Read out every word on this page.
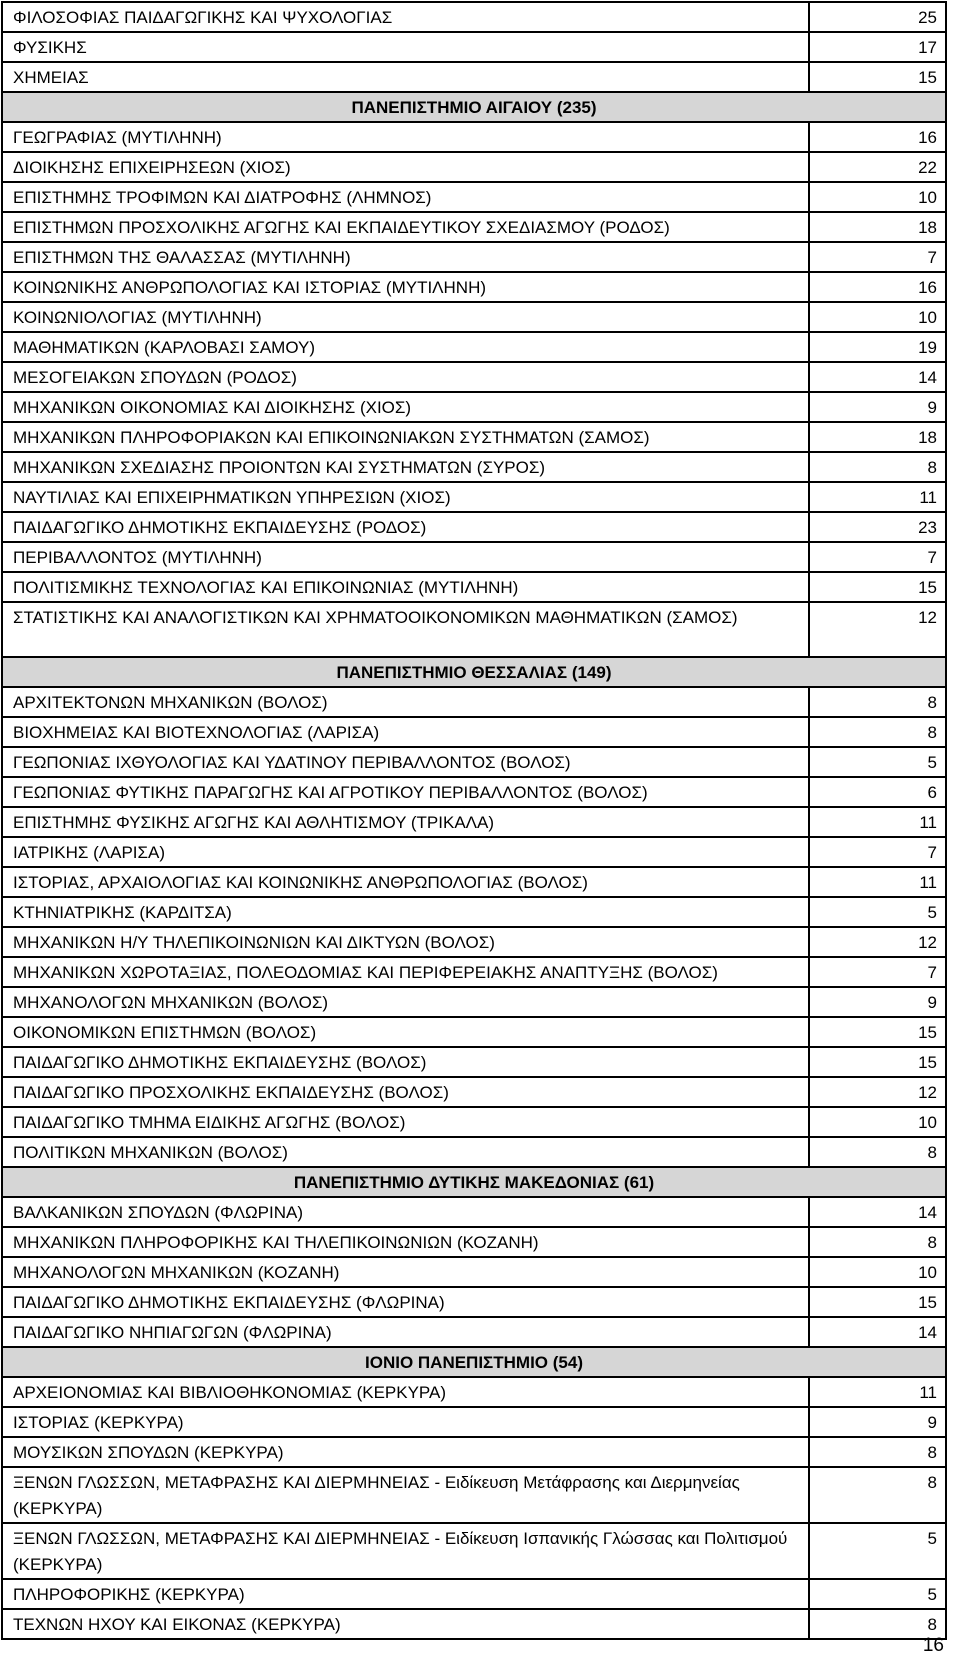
ΦΙΛΟΣΟΦΙΑΣ ΠΑΙΔΑΓΩΓΙΚΗΣ ΚΑΙ ΨΥΧΟΛΟΓΙΑΣ	25
ΦΥΣΙΚΗΣ	17
ΧΗΜΕΙΑΣ	15
ΠΑΝΕΠΙΣΤΗΜΙΟ ΑΙΓΑΙΟΥ (235)	
ΓΕΩΓΡΑΦΙΑΣ (ΜΥΤΙΛΗΝΗ)	16
ΔΙΟΙΚΗΣΗΣ ΕΠΙΧΕΙΡΗΣΕΩΝ (ΧΙΟΣ)	22
ΕΠΙΣΤΗΜΗΣ ΤΡΟΦΙΜΩΝ ΚΑΙ ΔΙΑΤΡΟΦΗΣ (ΛΗΜΝΟΣ)	10
ΕΠΙΣΤΗΜΩΝ ΠΡΟΣΧΟΛΙΚΗΣ ΑΓΩΓΗΣ ΚΑΙ ΕΚΠΑΙΔΕΥΤΙΚΟΥ ΣΧΕΔΙΑΣΜΟΥ (ΡΟΔΟΣ)	18
ΕΠΙΣΤΗΜΩΝ ΤΗΣ ΘΑΛΑΣΣΑΣ (ΜΥΤΙΛΗΝΗ)	7
ΚΟΙΝΩΝΙΚΗΣ ΑΝΘΡΩΠΟΛΟΓΙΑΣ ΚΑΙ ΙΣΤΟΡΙΑΣ (ΜΥΤΙΛΗΝΗ)	16
ΚΟΙΝΩΝΙΟΛΟΓΙΑΣ (ΜΥΤΙΛΗΝΗ)	10
ΜΑΘΗΜΑΤΙΚΩΝ (ΚΑΡΛΟΒΑΣΙ ΣΑΜΟΥ)	19
ΜΕΣΟΓΕΙΑΚΩΝ ΣΠΟΥΔΩΝ (ΡΟΔΟΣ)	14
ΜΗΧΑΝΙΚΩΝ ΟΙΚΟΝΟΜΙΑΣ ΚΑΙ ΔΙΟΙΚΗΣΗΣ (ΧΙΟΣ)	9
ΜΗΧΑΝΙΚΩΝ ΠΛΗΡΟΦΟΡΙΑΚΩΝ ΚΑΙ ΕΠΙΚΟΙΝΩΝΙΑΚΩΝ ΣΥΣΤΗΜΑΤΩΝ (ΣΑΜΟΣ)	18
ΜΗΧΑΝΙΚΩΝ ΣΧΕΔΙΑΣΗΣ ΠΡΟΙΟΝΤΩΝ ΚΑΙ ΣΥΣΤΗΜΑΤΩΝ (ΣΥΡΟΣ)	8
ΝΑΥΤΙΛΙΑΣ ΚΑΙ ΕΠΙΧΕΙΡΗΜΑΤΙΚΩΝ ΥΠΗΡΕΣΙΩΝ (ΧΙΟΣ)	11
ΠΑΙΔΑΓΩΓΙΚΟ ΔΗΜΟΤΙΚΗΣ ΕΚΠΑΙΔΕΥΣΗΣ (ΡΟΔΟΣ)	23
ΠΕΡΙΒΑΛΛΟΝΤΟΣ (ΜΥΤΙΛΗΝΗ)	7
ΠΟΛΙΤΙΣΜΙΚΗΣ ΤΕΧΝΟΛΟΓΙΑΣ ΚΑΙ ΕΠΙΚΟΙΝΩΝΙΑΣ (ΜΥΤΙΛΗΝΗ)	15
ΣΤΑΤΙΣΤΙΚΗΣ ΚΑΙ ΑΝΑΛΟΓΙΣΤΙΚΩΝ ΚΑΙ ΧΡΗΜΑΤΟΟΙΚΟΝΟΜΙΚΩΝ ΜΑΘΗΜΑΤΙΚΩΝ (ΣΑΜΟΣ)	12
ΠΑΝΕΠΙΣΤΗΜΙΟ ΘΕΣΣΑΛΙΑΣ (149)	
ΑΡΧΙΤΕΚΤΟΝΩΝ ΜΗΧΑΝΙΚΩΝ (ΒΟΛΟΣ)	8
ΒΙΟΧΗΜΕΙΑΣ ΚΑΙ ΒΙΟΤΕΧΝΟΛΟΓΙΑΣ (ΛΑΡΙΣΑ)	8
ΓΕΩΠΟΝΙΑΣ ΙΧΘΥΟΛΟΓΙΑΣ ΚΑΙ ΥΔΑΤΙΝΟΥ ΠΕΡΙΒΑΛΛΟΝΤΟΣ (ΒΟΛΟΣ)	5
ΓΕΩΠΟΝΙΑΣ ΦΥΤΙΚΗΣ ΠΑΡΑΓΩΓΗΣ ΚΑΙ ΑΓΡΟΤΙΚΟΥ ΠΕΡΙΒΑΛΛΟΝΤΟΣ (ΒΟΛΟΣ)	6
ΕΠΙΣΤΗΜΗΣ ΦΥΣΙΚΗΣ ΑΓΩΓΗΣ ΚΑΙ ΑΘΛΗΤΙΣΜΟΥ (ΤΡΙΚΑΛΑ)	11
ΙΑΤΡΙΚΗΣ (ΛΑΡΙΣΑ)	7
ΙΣΤΟΡΙΑΣ, ΑΡΧΑΙΟΛΟΓΙΑΣ ΚΑΙ ΚΟΙΝΩΝΙΚΗΣ ΑΝΘΡΩΠΟΛΟΓΙΑΣ (ΒΟΛΟΣ)	11
ΚΤΗΝΙΑΤΡΙΚΗΣ (ΚΑΡΔΙΤΣΑ)	5
ΜΗΧΑΝΙΚΩΝ Η/Υ ΤΗΛΕΠΙΚΟΙΝΩΝΙΩΝ ΚΑΙ ΔΙΚΤΥΩΝ (ΒΟΛΟΣ)	12
ΜΗΧΑΝΙΚΩΝ ΧΩΡΟΤΑΞΙΑΣ, ΠΟΛΕΟΔΟΜΙΑΣ ΚΑΙ ΠΕΡΙΦΕΡΕΙΑΚΗΣ ΑΝΑΠΤΥΞΗΣ (ΒΟΛΟΣ)	7
ΜΗΧΑΝΟΛΟΓΩΝ ΜΗΧΑΝΙΚΩΝ (ΒΟΛΟΣ)	9
ΟΙΚΟΝΟΜΙΚΩΝ ΕΠΙΣΤΗΜΩΝ (ΒΟΛΟΣ)	15
ΠΑΙΔΑΓΩΓΙΚΟ ΔΗΜΟΤΙΚΗΣ ΕΚΠΑΙΔΕΥΣΗΣ (ΒΟΛΟΣ)	15
ΠΑΙΔΑΓΩΓΙΚΟ ΠΡΟΣΧΟΛΙΚΗΣ ΕΚΠΑΙΔΕΥΣΗΣ (ΒΟΛΟΣ)	12
ΠΑΙΔΑΓΩΓΙΚΟ ΤΜΗΜΑ ΕΙΔΙΚΗΣ ΑΓΩΓΗΣ (ΒΟΛΟΣ)	10
ΠΟΛΙΤΙΚΩΝ ΜΗΧΑΝΙΚΩΝ (ΒΟΛΟΣ)	8
ΠΑΝΕΠΙΣΤΗΜΙΟ ΔΥΤΙΚΗΣ ΜΑΚΕΔΟΝΙΑΣ (61)	
ΒΑΛΚΑΝΙΚΩΝ ΣΠΟΥΔΩΝ (ΦΛΩΡΙΝΑ)	14
ΜΗΧΑΝΙΚΩΝ ΠΛΗΡΟΦΟΡΙΚΗΣ ΚΑΙ ΤΗΛΕΠΙΚΟΙΝΩΝΙΩΝ (ΚΟΖΑΝΗ)	8
ΜΗΧΑΝΟΛΟΓΩΝ ΜΗΧΑΝΙΚΩΝ (ΚΟΖΑΝΗ)	10
ΠΑΙΔΑΓΩΓΙΚΟ ΔΗΜΟΤΙΚΗΣ ΕΚΠΑΙΔΕΥΣΗΣ (ΦΛΩΡΙΝΑ)	15
ΠΑΙΔΑΓΩΓΙΚΟ ΝΗΠΙΑΓΩΓΩΝ (ΦΛΩΡΙΝΑ)	14
ΙΟΝΙΟ ΠΑΝΕΠΙΣΤΗΜΙΟ (54)	
ΑΡΧΕΙΟΝΟΜΙΑΣ ΚΑΙ ΒΙΒΛΙΟΘΗΚΟΝΟΜΙΑΣ (ΚΕΡΚΥΡΑ)	11
ΙΣΤΟΡΙΑΣ (ΚΕΡΚΥΡΑ)	9
ΜΟΥΣΙΚΩΝ ΣΠΟΥΔΩΝ (ΚΕΡΚΥΡΑ)	8
ΞΕΝΩΝ ΓΛΩΣΣΩΝ, ΜΕΤΑΦΡΑΣΗΣ ΚΑΙ ΔΙΕΡΜΗΝΕΙΑΣ - Ειδίκευση Μετάφρασης και Διερμηνείας (ΚΕΡΚΥΡΑ)	8
ΞΕΝΩΝ ΓΛΩΣΣΩΝ, ΜΕΤΑΦΡΑΣΗΣ ΚΑΙ ΔΙΕΡΜΗΝΕΙΑΣ - Ειδίκευση Ισπανικής Γλώσσας και Πολιτισμού (ΚΕΡΚΥΡΑ)	5
ΠΛΗΡΟΦΟΡΙΚΗΣ (ΚΕΡΚΥΡΑ)	5
ΤΕΧΝΩΝ ΗΧΟΥ ΚΑΙ ΕΙΚΟΝΑΣ (ΚΕΡΚΥΡΑ)	8
16
